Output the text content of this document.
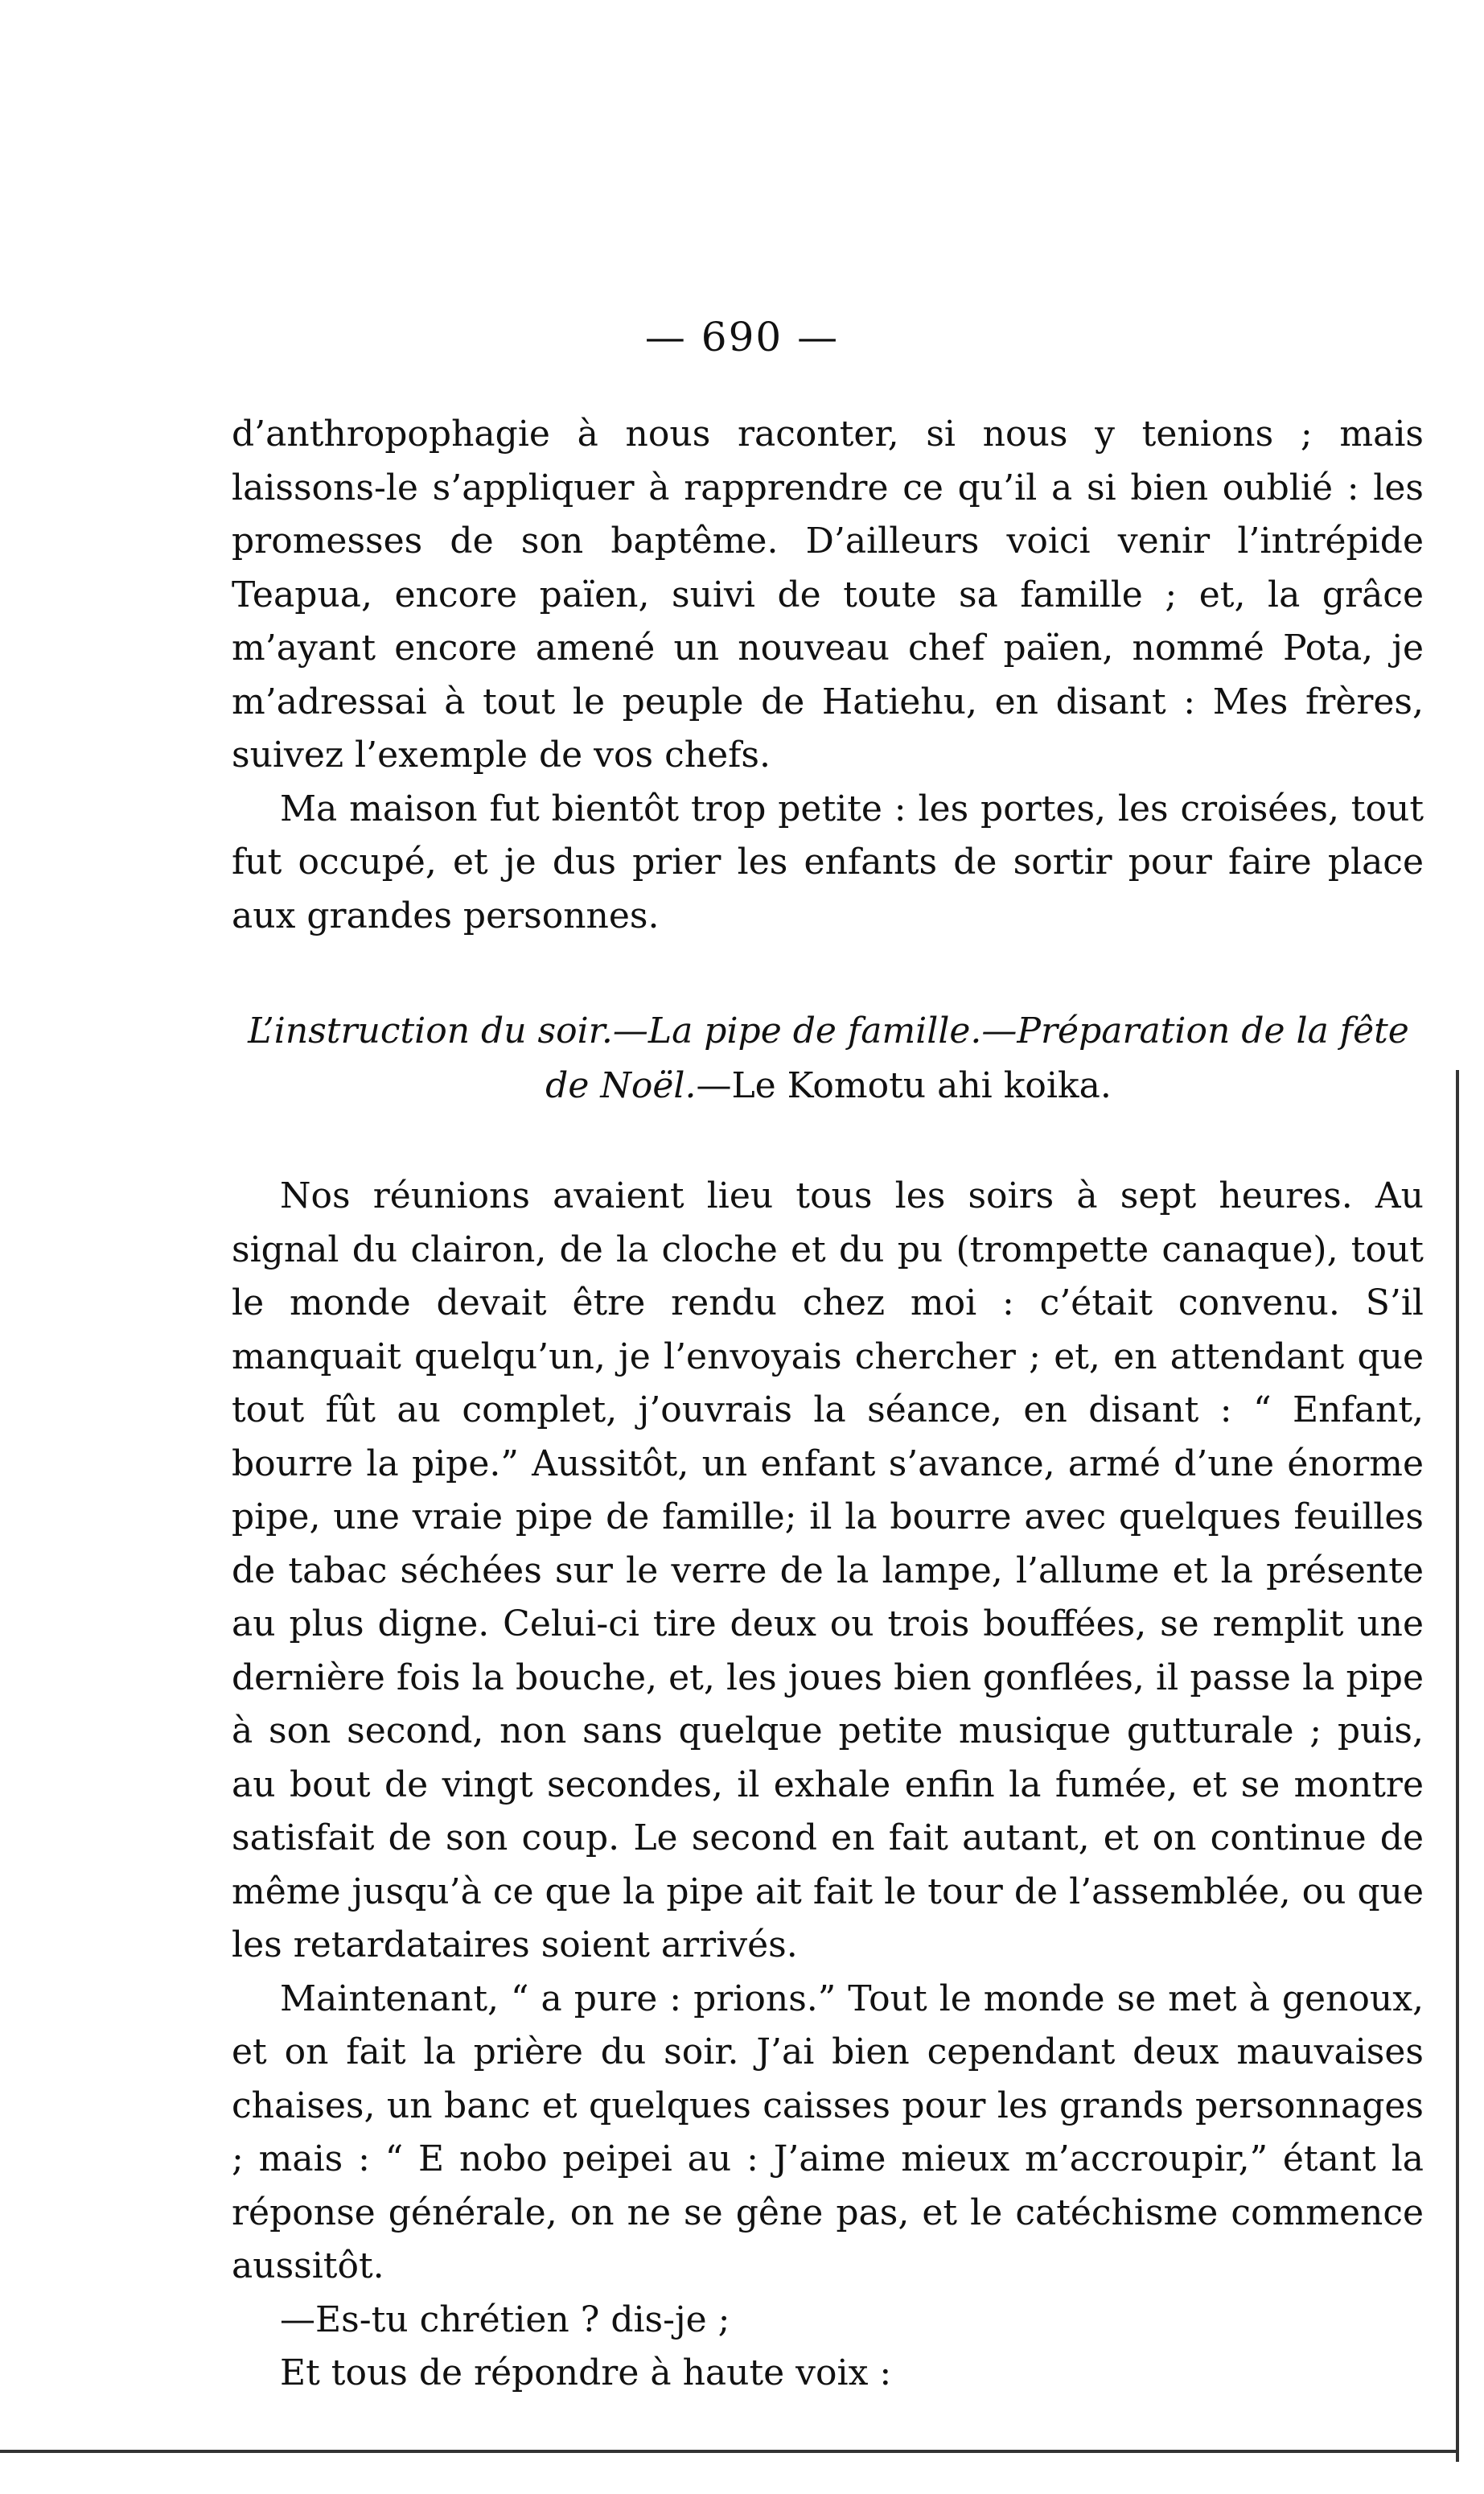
— 690 —

d’anthropophagie à nous raconter, si nous y tenions ; mais laissons-le s’appliquer à rapprendre ce qu’il a si bien oublié : les promesses de son baptême. D’ailleurs voici venir l’intrépide Teapua, encore païen, suivi de toute sa famille ; et, la grâce m’ayant encore amené un nouveau chef païen, nommé Pota, je m’adressai à tout le peuple de Hatiehu, en disant : Mes frères, suivez l’exemple de vos chefs.

Ma maison fut bientôt trop petite : les portes, les croisées, tout fut occupé, et je dus prier les enfants de sortir pour faire place aux grandes personnes.

L’instruction du soir.—La pipe de famille.—Préparation de la fête de Noël.—Le Komotu ahi koika.

Nos réunions avaient lieu tous les soirs à sept heures. Au signal du clairon, de la cloche et du pu (trompette canaque), tout le monde devait être rendu chez moi : c’était convenu. S’il manquait quelqu’un, je l’envoyais chercher ; et, en attendant que tout fût au complet, j’ouvrais la séance, en disant : “ Enfant, bourre la pipe.” Aussitôt, un enfant s’avance, armé d’une énorme pipe, une vraie pipe de famille; il la bourre avec quelques feuilles de tabac séchées sur le verre de la lampe, l’allume et la présente au plus digne. Celui-ci tire deux ou trois bouffées, se remplit une dernière fois la bouche, et, les joues bien gonflées, il passe la pipe à son second, non sans quelque petite musique gutturale ; puis, au bout de vingt secondes, il exhale enfin la fumée, et se montre satisfait de son coup. Le second en fait autant, et on continue de même jusqu’à ce que la pipe ait fait le tour de l’assemblée, ou que les retardataires soient arrivés.

Maintenant, “ a pure : prions.” Tout le monde se met à genoux, et on fait la prière du soir. J’ai bien cependant deux mauvaises chaises, un banc et quelques caisses pour les grands personnages ; mais : “ E nobo peipei au : J’aime mieux m’accroupir,” étant la réponse générale, on ne se gêne pas, et le catéchisme commence aussitôt.

—Es-tu chrétien ? dis-je ;

Et tous de répondre à haute voix :
